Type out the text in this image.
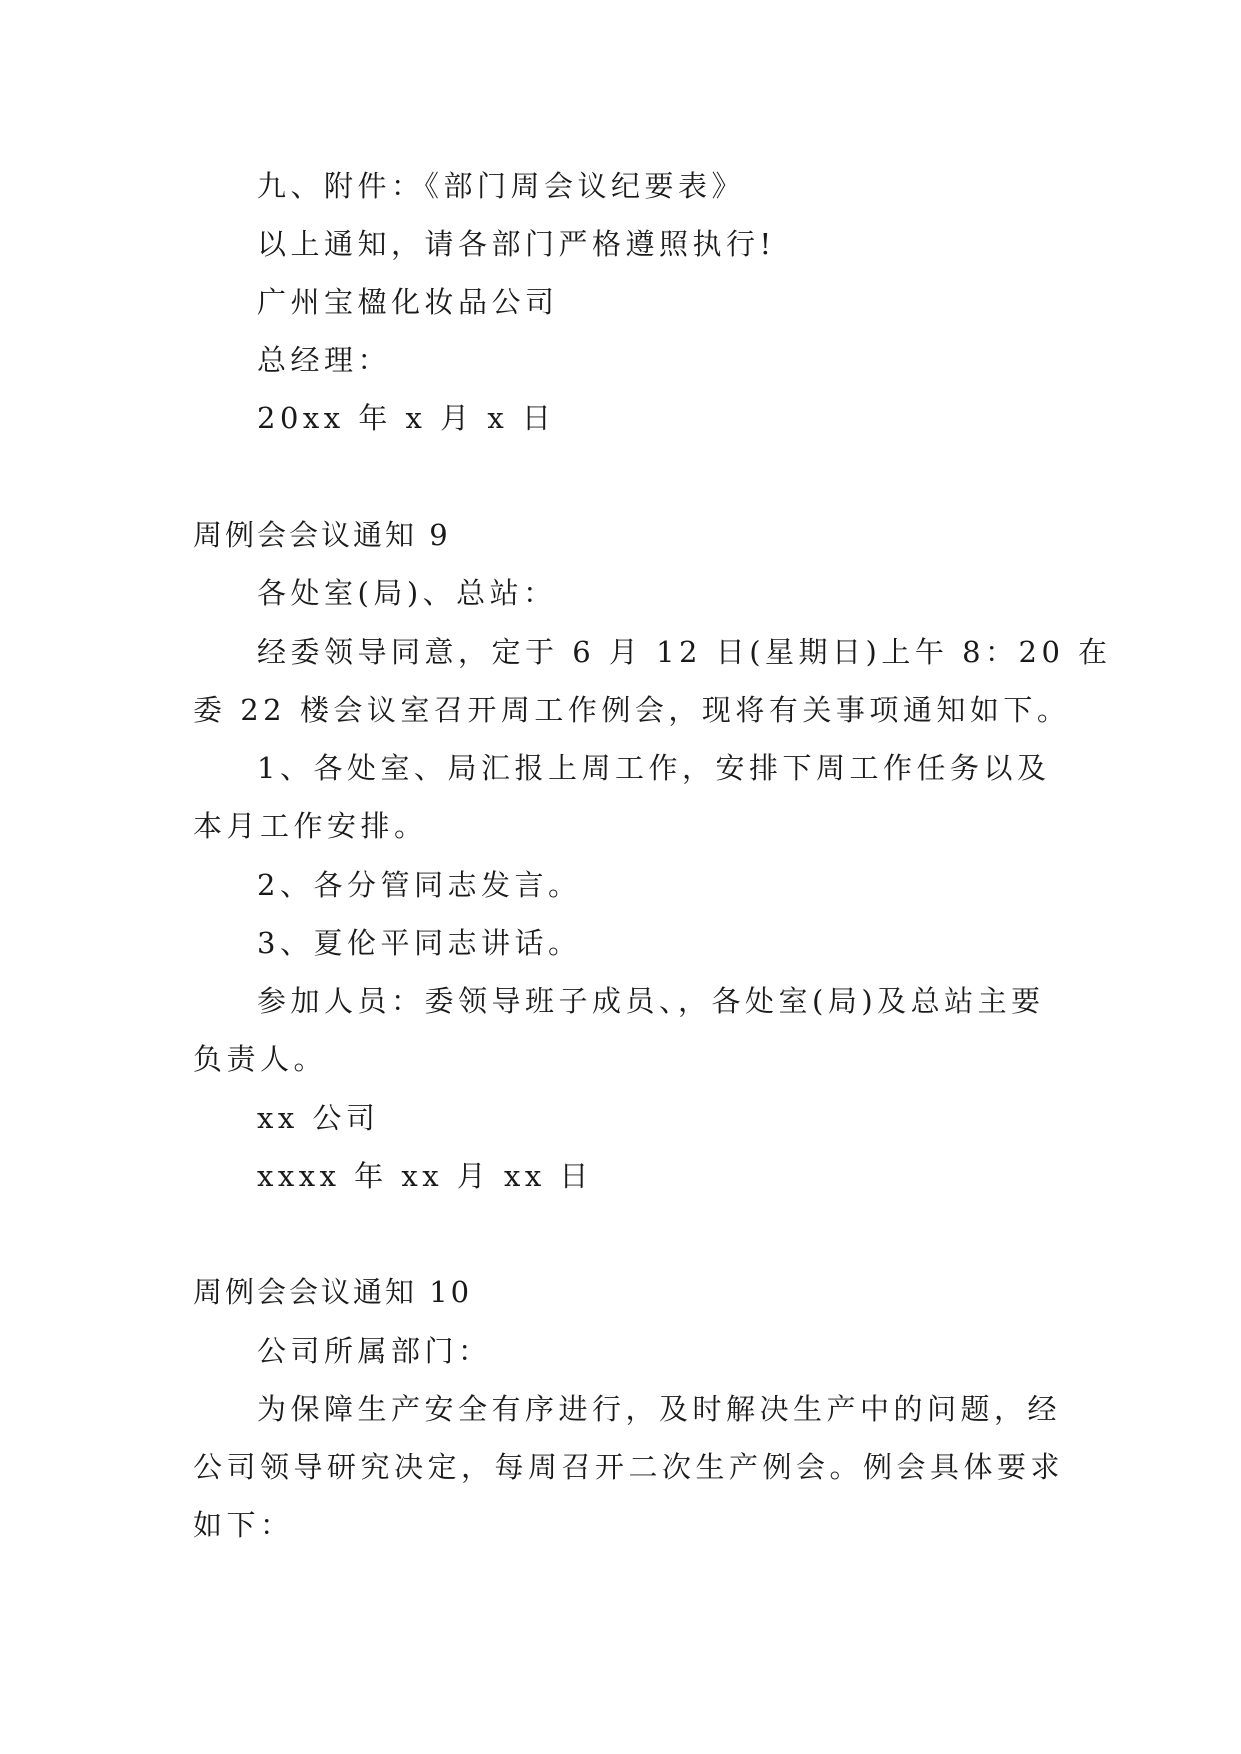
九、附件：《部门周会议纪要表》
以上通知，请各部门严格遵照执行!
广州宝楹化妆品公司
总经理：
20xx 年 x 月 x 日
周例会会议通知 9
各处室(局)、总站：
经委领导同意，定于 6 月 12 日(星期日)上午 8：20 在
委 22 楼会议室召开周工作例会，现将有关事项通知如下。
1、各处室、局汇报上周工作，安排下周工作任务以及
本月工作安排。
2、各分管同志发言。
3、夏伦平同志讲话。
参加人员：委领导班子成员、，各处室(局)及总站主要
负责人。
xx 公司
xxxx 年 xx 月 xx 日
周例会会议通知 10
公司所属部门：
为保障生产安全有序进行，及时解决生产中的问题，经
公司领导研究决定，每周召开二次生产例会。例会具体要求
如下：
